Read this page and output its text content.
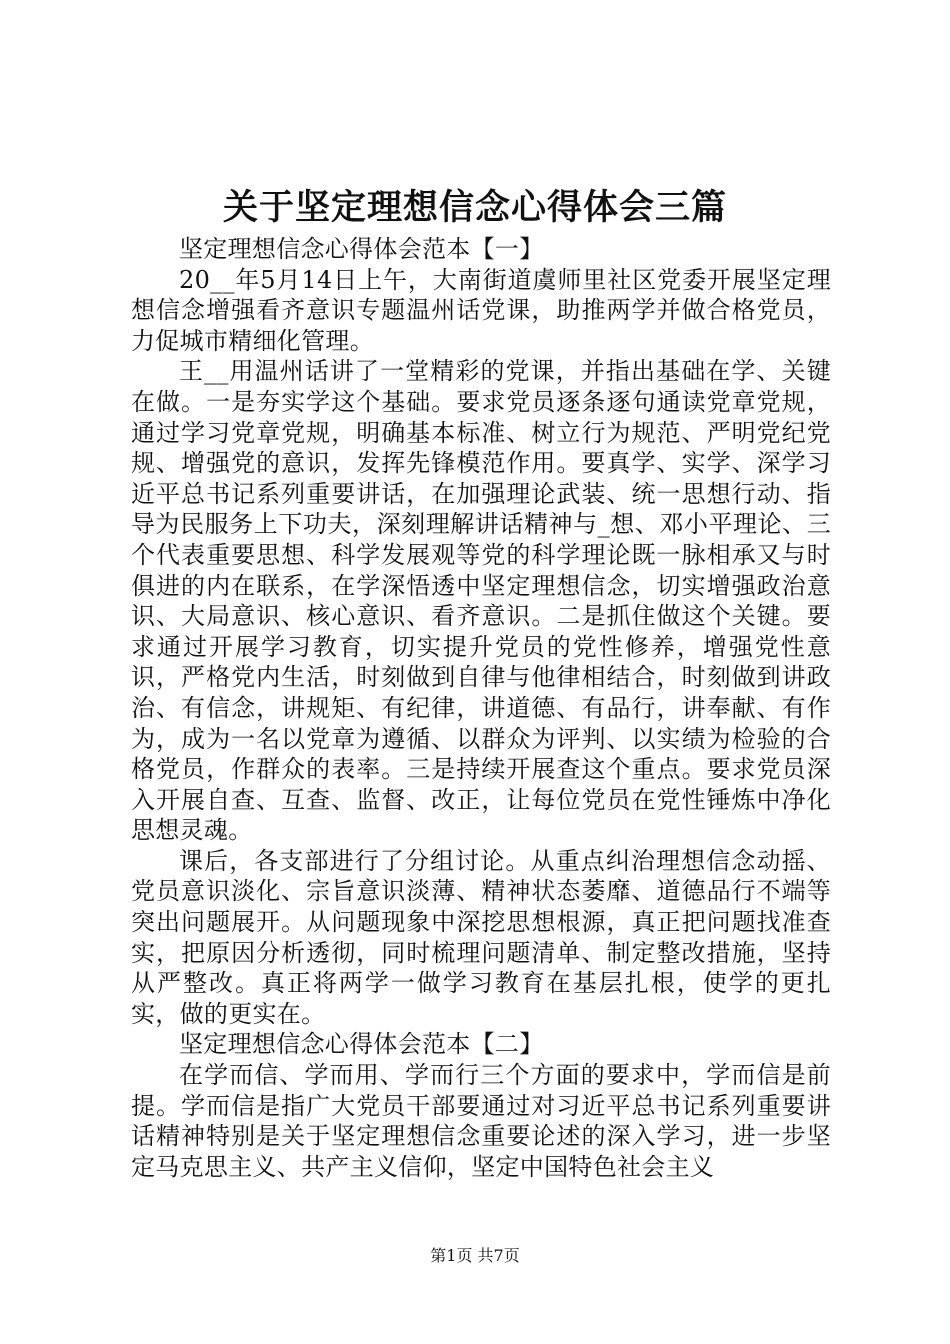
关于坚定理想信念心得体会三篇

坚定理想信念心得体会范本【一】

20__年5月14日上午，大南街道虞师里社区党委开展坚定理想信念增强看齐意识专题温州话党课，助推两学并做合格党员，力促城市精细化管理。

王__用温州话讲了一堂精彩的党课，并指出基础在学、关键在做。一是夯实学这个基础。要求党员逐条逐句通读党章党规，通过学习党章党规，明确基本标准、树立行为规范、严明党纪党规、增强党的意识，发挥先锋模范作用。要真学、实学、深学习近平总书记系列重要讲话，在加强理论武装、统一思想行动、指导为民服务上下功夫，深刻理解讲话精神与_想、邓小平理论、三个代表重要思想、科学发展观等党的科学理论既一脉相承又与时俱进的内在联系，在学深悟透中坚定理想信念，切实增强政治意识、大局意识、核心意识、看齐意识。二是抓住做这个关键。要求通过开展学习教育，切实提升党员的党性修养，增强党性意识，严格党内生活，时刻做到自律与他律相结合，时刻做到讲政治、有信念，讲规矩、有纪律，讲道德、有品行，讲奉献、有作为，成为一名以党章为遵循、以群众为评判、以实绩为检验的合格党员，作群众的表率。三是持续开展查这个重点。要求党员深入开展自查、互查、监督、改正，让每位党员在党性锤炼中净化思想灵魂。

课后，各支部进行了分组讨论。从重点纠治理想信念动摇、党员意识淡化、宗旨意识淡薄、精神状态萎靡、道德品行不端等突出问题展开。从问题现象中深挖思想根源，真正把问题找准查实，把原因分析透彻，同时梳理问题清单、制定整改措施，坚持从严整改。真正将两学一做学习教育在基层扎根，使学的更扎实，做的更实在。

坚定理想信念心得体会范本【二】

在学而信、学而用、学而行三个方面的要求中，学而信是前提。学而信是指广大党员干部要通过对习近平总书记系列重要讲话精神特别是关于坚定理想信念重要论述的深入学习，进一步坚定马克思主义、共产主义信仰，坚定中国特色社会主义

第1页 共7页
